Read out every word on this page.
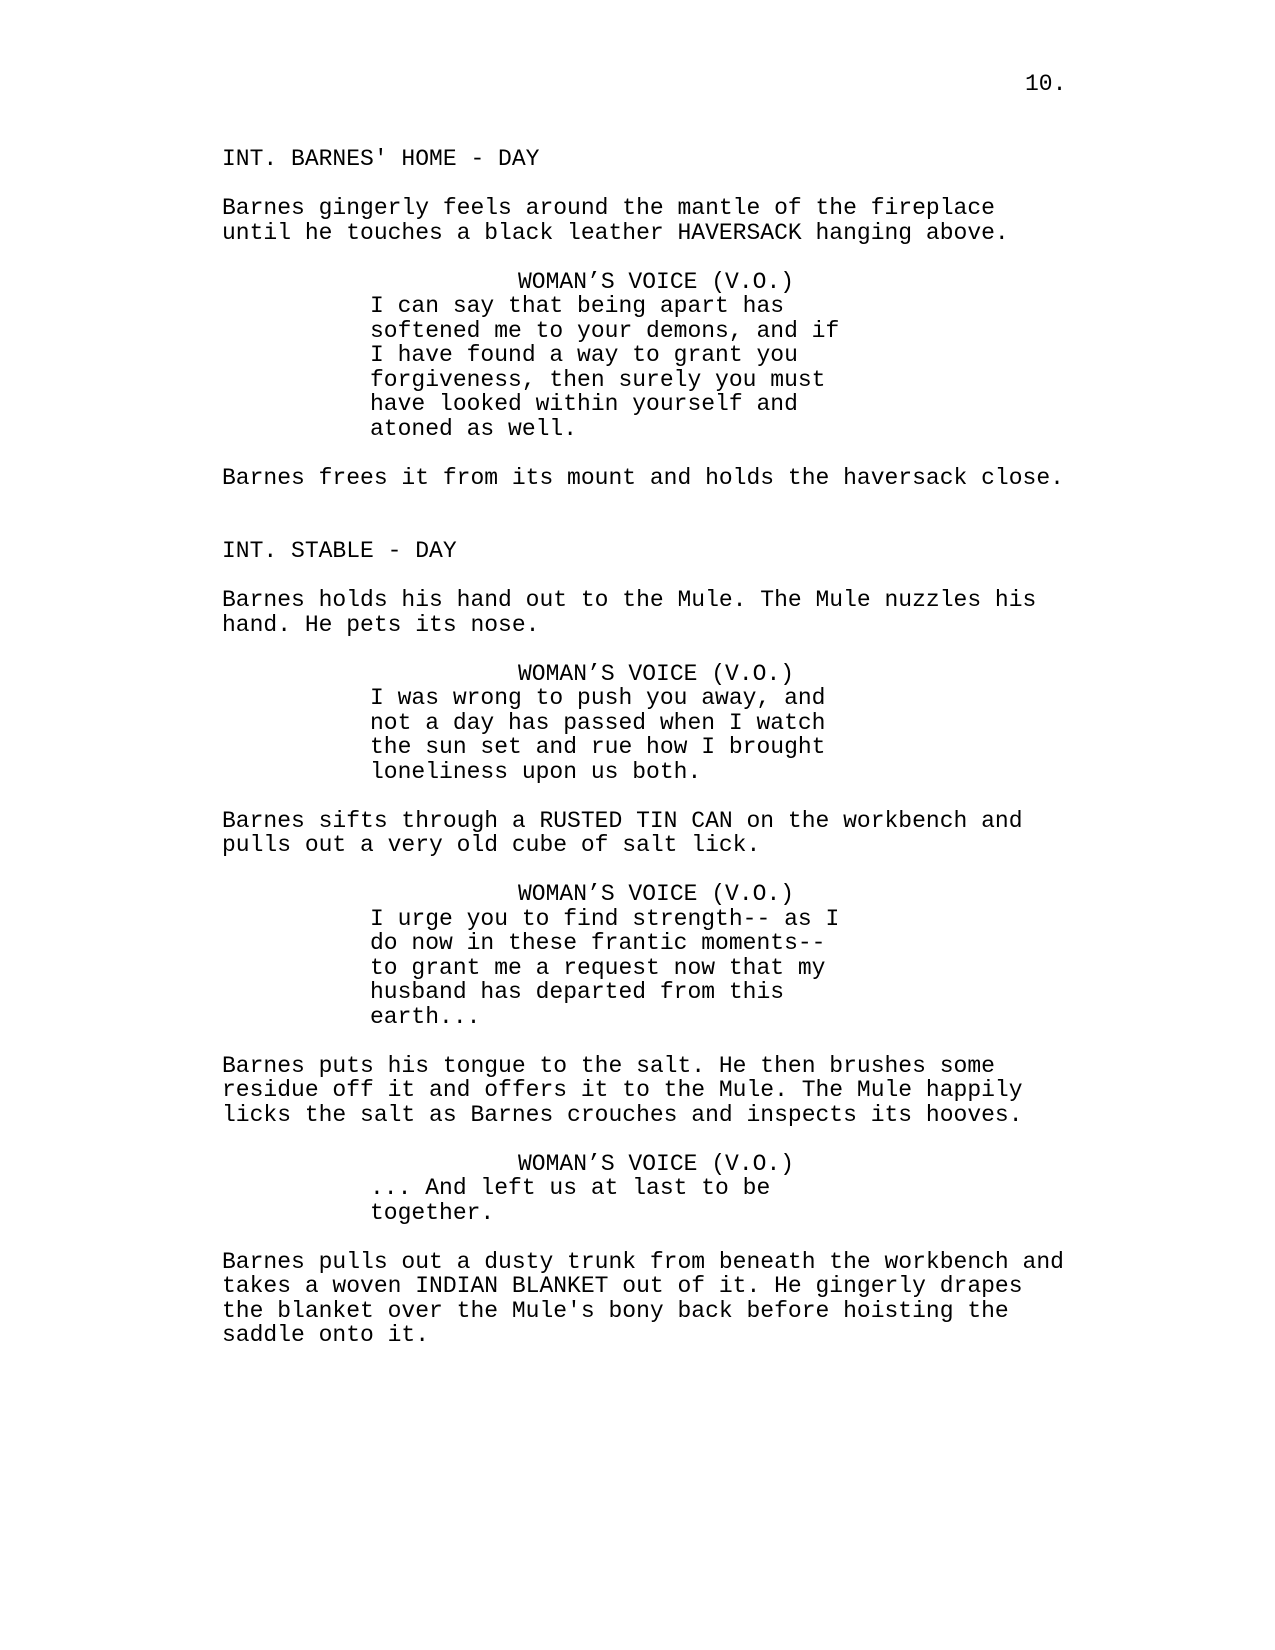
10.
INT. BARNES' HOME - DAY
Barnes gingerly feels around the mantle of the fireplace
until he touches a black leather HAVERSACK hanging above.
WOMAN’S VOICE (V.O.)
I can say that being apart has
softened me to your demons, and if
I have found a way to grant you
forgiveness, then surely you must
have looked within yourself and
atoned as well.
Barnes frees it from its mount and holds the haversack close.
INT. STABLE - DAY
Barnes holds his hand out to the Mule. The Mule nuzzles his
hand. He pets its nose.
WOMAN’S VOICE (V.O.)
I was wrong to push you away, and
not a day has passed when I watch
the sun set and rue how I brought
loneliness upon us both.
Barnes sifts through a RUSTED TIN CAN on the workbench and
pulls out a very old cube of salt lick.
WOMAN’S VOICE (V.O.)
I urge you to find strength-- as I
do now in these frantic moments--
to grant me a request now that my
husband has departed from this
earth...
Barnes puts his tongue to the salt. He then brushes some
residue off it and offers it to the Mule. The Mule happily
licks the salt as Barnes crouches and inspects its hooves.
WOMAN’S VOICE (V.O.)
... And left us at last to be
together.
Barnes pulls out a dusty trunk from beneath the workbench and
takes a woven INDIAN BLANKET out of it. He gingerly drapes
the blanket over the Mule's bony back before hoisting the
saddle onto it.
